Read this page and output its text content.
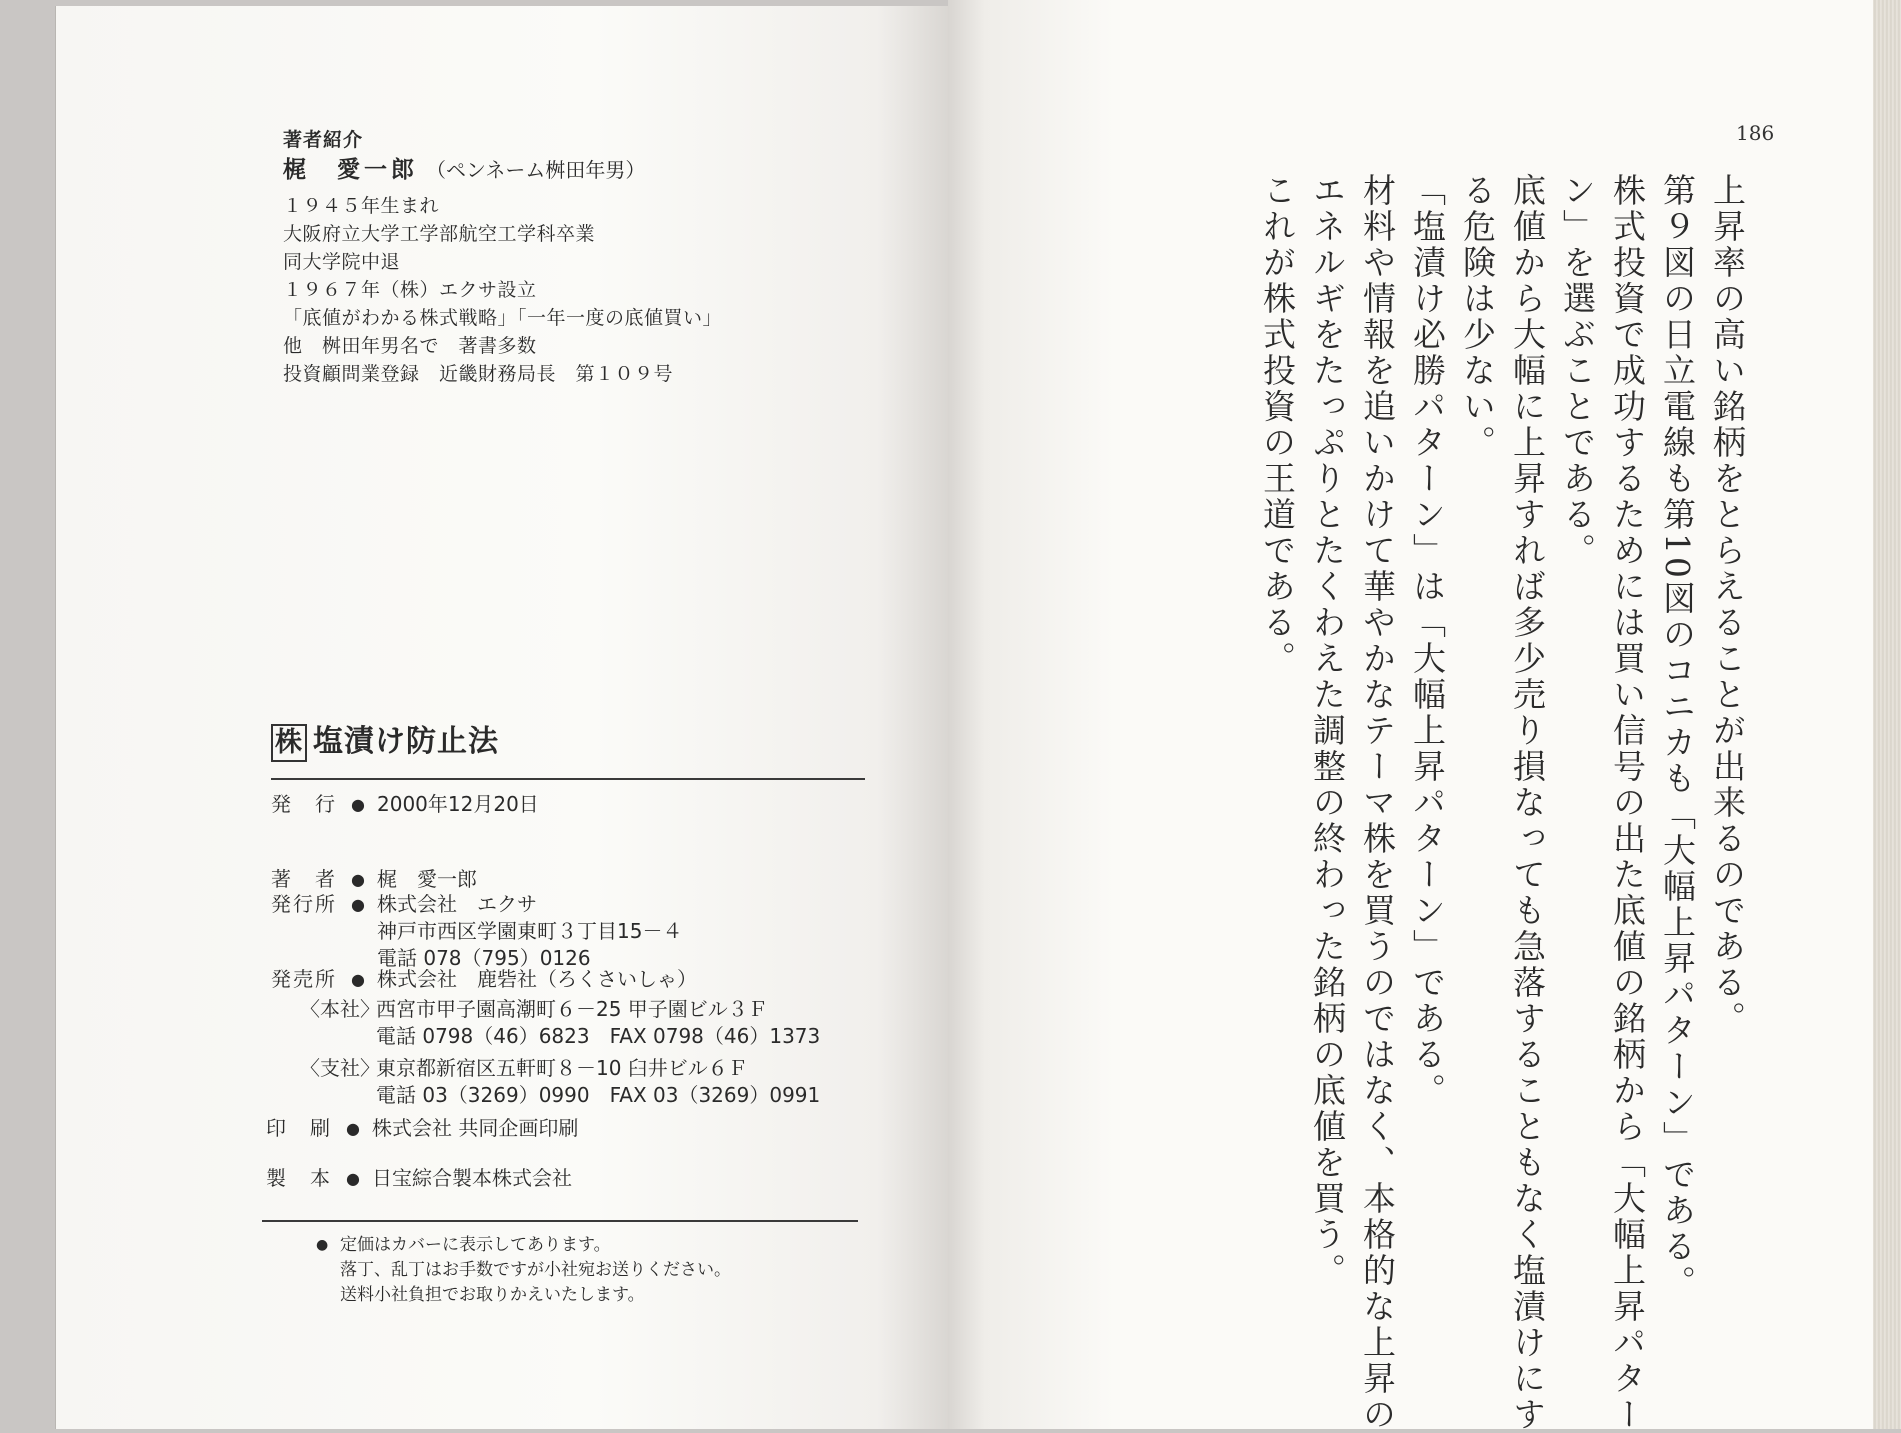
著者紹介
梶　愛一郎 （ペンネーム桝田年男）
１９４５年生まれ
大阪府立大学工学部航空工学科卒業
同大学院中退
１９６７年（株）エクサ設立
「底値がわかる株式戦略」「一年一度の底値買い」
他　桝田年男名で　著書多数
投資顧問業登録　近畿財務局長　第１０９号
株 塩漬け防止法
発　行 ● 2000年12月20日
著　者 ● 梶　愛一郎
発行所 ● 株式会社　エクサ
神戸市西区学園東町３丁目15－４
電話 078（795）0126
発売所 ● 株式会社　鹿砦社（ろくさいしゃ）
〈本社〉西宮市甲子園高潮町６－25 甲子園ビル３Ｆ
電話 0798（46）6823　FAX 0798（46）1373
〈支社〉東京都新宿区五軒町８－10 臼井ビル６Ｆ
電話 03（3269）0990　FAX 03（3269）0991
印　刷 ● 株式会社 共同企画印刷
製　本 ● 日宝綜合製本株式会社
● 定価はカバーに表示してあります。
落丁、乱丁はお手数ですが小社宛お送りください。
送料小社負担でお取りかえいたします。
186
上昇率の高い銘柄をとらえることが出来るのである。
第９図の日立電線も第10図のコニカも「大幅上昇パターン」である。
株式投資で成功するためには買い信号の出た底値の銘柄から「大幅上昇パター
ン」を選ぶことである。
底値から大幅に上昇すれば多少売り損なっても急落することもなく塩漬けにす
る危険は少ない。
「塩漬け必勝パターン」は「大幅上昇パターン」である。
材料や情報を追いかけて華やかなテーマ株を買うのではなく、本格的な上昇の
エネルギをたっぷりとたくわえた調整の終わった銘柄の底値を買う。
これが株式投資の王道である。
